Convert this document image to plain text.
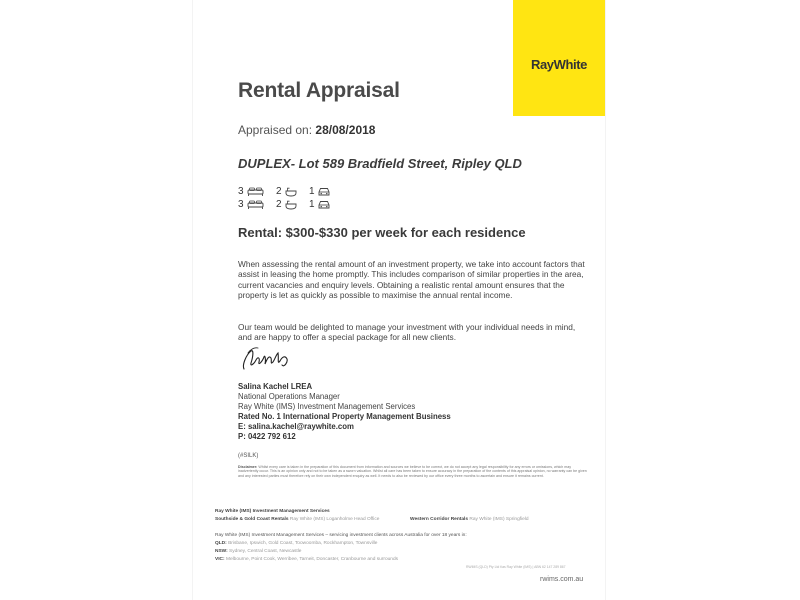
RayWhite
Rental Appraisal
Appraised on: 28/08/2018
DUPLEX- Lot 589 Bradfield Street, Ripley QLD
3	2	1
3	2	1
Rental: $300-$330 per week for each residence
When assessing the rental amount of an investment property, we take into account factors that assist in leasing the home promptly. This includes comparison of similar properties in the area, current vacancies and enquiry levels. Obtaining a realistic rental amount ensures that the property is let as quickly as possible to maximise the annual rental income.
Our team would be delighted to manage your investment with your individual needs in mind, and are happy to offer a special package for all new clients.
Salina Kachel LREA
National Operations Manager
Ray White (IMS) Investment Management Services
Rated No. 1 International Property Management Business
E: salina.kachel@raywhite.com
P: 0422 792 612
(#SILK)
Disclaimer: Whilst every care is taken in the preparation of this document from information and sources we believe to be correct, we do not accept any legal responsibility for any errors or omissions, which may inadvertently occur. This is an opinion only and not to be taken as a sworn valuation. Whilst all care has been taken to ensure accuracy in the preparation of the contents of this appraisal opinion, no warranty can be given and any interested parties must therefore rely on their own independent enquiry as well. It needs to also be reviewed by our office every three months to ascertain and ensure it remains current.
Ray White (IMS) Investment Management Services
Southside & Gold Coast Rentals Ray White (IMS) Loganholme Head Office	Western Corridor Rentals Ray White (IMS) Springfield
Ray White (IMS) Investment Management Services – servicing investment clients across Australia for over 18 years in:
QLD: Brisbane, Ipswich, Gold Coast, Toowoomba, Rockhampton, Townsville
NSW: Sydney, Central Coast, Newcastle
VIC: Melbourne, Point Cook, Werribee, Tarneit, Doncaster, Cranbourne and surrounds
RWIMS (QLD) Pty Ltd t/as Ray White (IMS) | ABN 62 147 289 867
rwims.com.au
